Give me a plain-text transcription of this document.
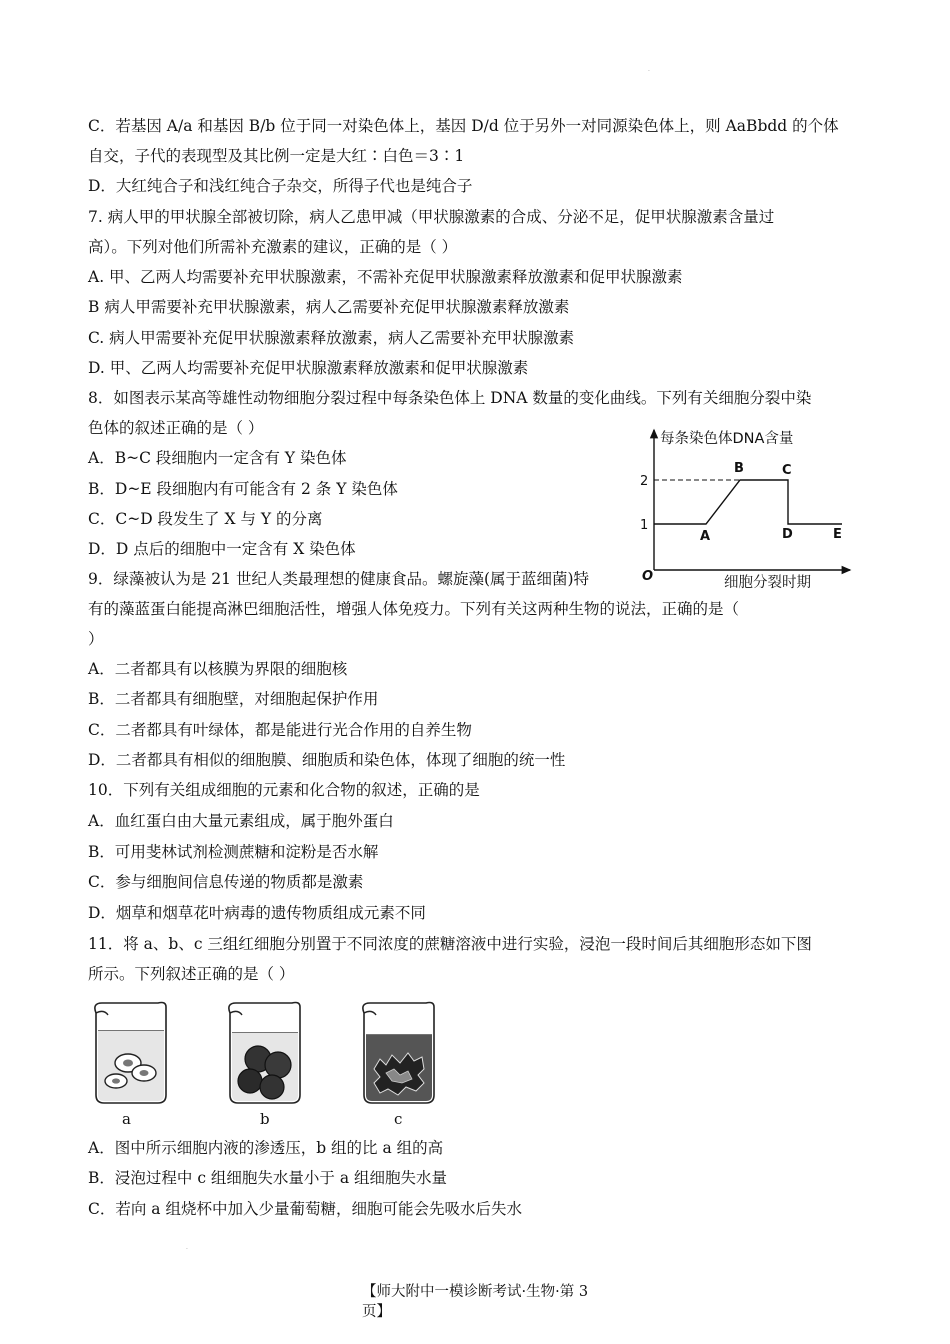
·
C．若基因 A/a 和基因 B/b 位于同一对染色体上，基因 D/d 位于另外一对同源染色体上，则 AaBbdd 的个体
自交，子代的表现型及其比例一定是大红∶白色＝3∶1
D．大红纯合子和浅红纯合子杂交，所得子代也是纯合子
7. 病人甲的甲状腺全部被切除，病人乙患甲减（甲状腺激素的合成、分泌不足，促甲状腺激素含量过
高）。下列对他们所需补充激素的建议，正确的是（ ）
A. 甲、乙两人均需要补充甲状腺激素，不需补充促甲状腺激素释放激素和促甲状腺激素
B 病人甲需要补充甲状腺激素，病人乙需要补充促甲状腺激素释放激素
C. 病人甲需要补充促甲状腺激素释放激素，病人乙需要补充甲状腺激素
D. 甲、乙两人均需要补充促甲状腺激素释放激素和促甲状腺激素
8．如图表示某高等雄性动物细胞分裂过程中每条染色体上 DNA 数量的变化曲线。下列有关细胞分裂中染
色体的叙述正确的是（ ）
A．B~C 段细胞内一定含有 Y 染色体
B．D~E 段细胞内有可能含有 2 条 Y 染色体
C．C~D 段发生了 X 与 Y 的分离
D．D 点后的细胞中一定含有 X 染色体
9．绿藻被认为是 21 世纪人类最理想的健康食品。螺旋藻(属于蓝细菌)特
有的藻蓝蛋白能提高淋巴细胞活性，增强人体免疫力。下列有关这两种生物的说法，正确的是（
）
A．二者都具有以核膜为界限的细胞核
B．二者都具有细胞壁，对细胞起保护作用
C．二者都具有叶绿体，都是能进行光合作用的自养生物
D．二者都具有相似的细胞膜、细胞质和染色体，体现了细胞的统一性
10．下列有关组成细胞的元素和化合物的叙述，正确的是
A．血红蛋白由大量元素组成，属于胞外蛋白
B．可用斐林试剂检测蔗糖和淀粉是否水解
C．参与细胞间信息传递的物质都是激素
D．烟草和烟草花叶病毒的遗传物质组成元素不同
11．将 a、b、c 三组红细胞分别置于不同浓度的蔗糖溶液中进行实验，浸泡一段时间后其细胞形态如下图
所示。下列叙述正确的是（ ）
A．图中所示细胞内液的渗透压，b 组的比 a 组的高
B．浸泡过程中 c 组细胞失水量小于 a 组细胞失水量
C．若向 a 组烧杯中加入少量葡萄糖，细胞可能会先吸水后失水
每条染色体DNA含量
细胞分裂时期
O
1
2
A
B	C
D	E
a	b	c
·
【师大附中一模诊断考试·生物·第 3 页】
